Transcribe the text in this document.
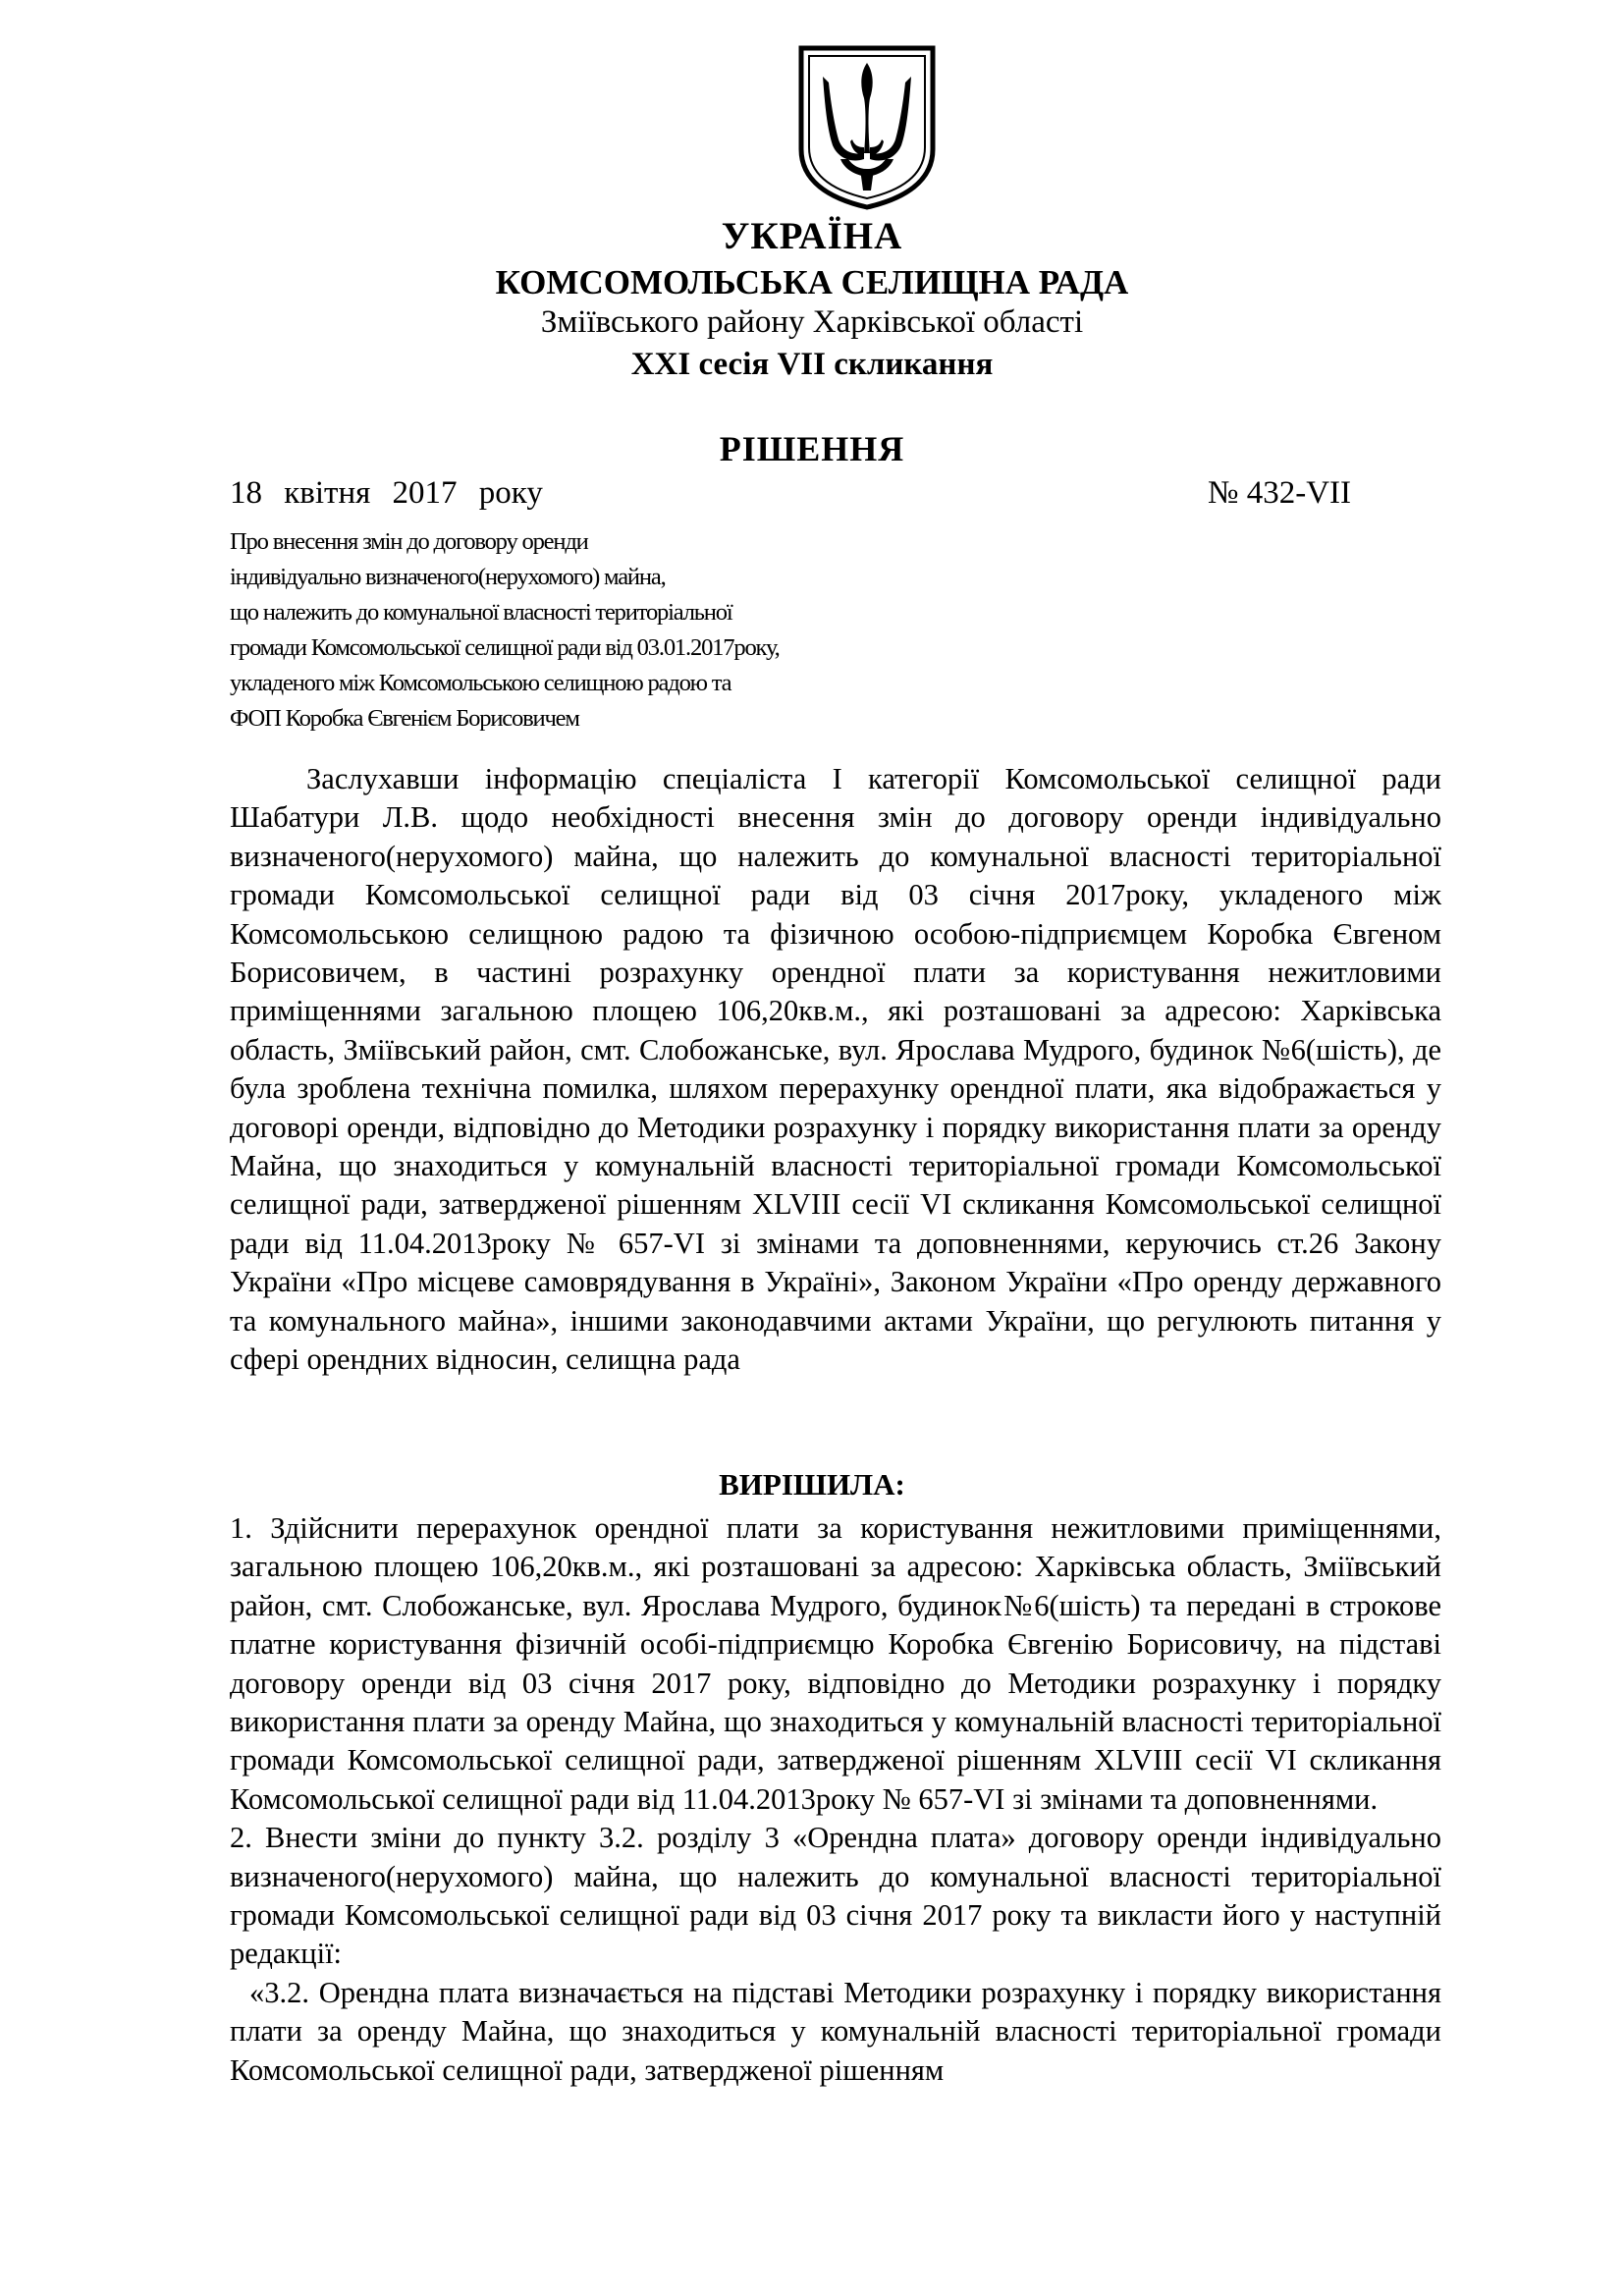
УКРАЇНА
КОМСОМОЛЬСЬКА СЕЛИЩНА РАДА
Зміївського району Харківської області
XXI сесія VII скликання
РІШЕННЯ
18 квітня 2017 року	№ 432-VII
Про внесення змін до договору оренди
індивідуально визначеного(нерухомого) майна,
що належить до комунальної власності територіальної
громади Комсомольської селищної ради від 03.01.2017року,
укладеного між Комсомольською селищною радою та
ФОП Коробка Євгенієм Борисовичем

Заслухавши інформацію спеціаліста І категорії Комсомольської селищної ради Шабатури Л.В. щодо необхідності внесення змін до договору оренди індивідуально визначеного(нерухомого) майна, що належить до комунальної власності територіальної громади Комсомольської селищної ради від 03 січня 2017року, укладеного між Комсомольською селищною радою та фізичною особою-підприємцем Коробка Євгеном Борисовичем, в частині розрахунку орендної плати за користування нежитловими приміщеннями загальною площею 106,20кв.м., які розташовані за адресою: Харківська область, Зміївський район, смт. Слобожанське, вул. Ярослава Мудрого, будинок №6(шість), де була зроблена технічна помилка, шляхом перерахунку орендної плати, яка відображається у договорі оренди, відповідно до Методики розрахунку і порядку використання плати за оренду Майна, що знаходиться у комунальній власності територіальної громади Комсомольської селищної ради, затвердженої рішенням XLVIII сесії VI скликання Комсомольської селищної ради від 11.04.2013року № 657-VI зі змінами та доповненнями, керуючись ст.26 Закону України «Про місцеве самоврядування в Україні», Законом України «Про оренду державного та комунального майна», іншими законодавчими актами України, що регулюють питання у сфері орендних відносин, селищна рада

ВИРІШИЛА:

1. Здійснити перерахунок орендної плати за користування нежитловими приміщеннями, загальною площею 106,20кв.м., які розташовані за адресою: Харківська область, Зміївський район, смт. Слобожанське, вул. Ярослава Мудрого, будинок№6(шість) та передані в строкове платне користування фізичній особі-підприємцю Коробка Євгенію Борисовичу, на підставі договору оренди від 03 січня 2017 року, відповідно до Методики розрахунку і порядку використання плати за оренду Майна, що знаходиться у комунальній власності територіальної громади Комсомольської селищної ради, затвердженої рішенням XLVIII сесії VI скликання Комсомольської селищної ради від 11.04.2013року № 657-VI зі змінами та доповненнями.

2. Внести зміни до пункту 3.2. розділу 3 «Орендна плата» договору оренди індивідуально визначеного(нерухомого) майна, що належить до комунальної власності територіальної громади Комсомольської селищної ради від 03 січня 2017 року та викласти його у наступній редакції:

«3.2. Орендна плата визначається на підставі Методики розрахунку і порядку використання плати за оренду Майна, що знаходиться у комунальній власності територіальної громади Комсомольської селищної ради, затвердженої рішенням
